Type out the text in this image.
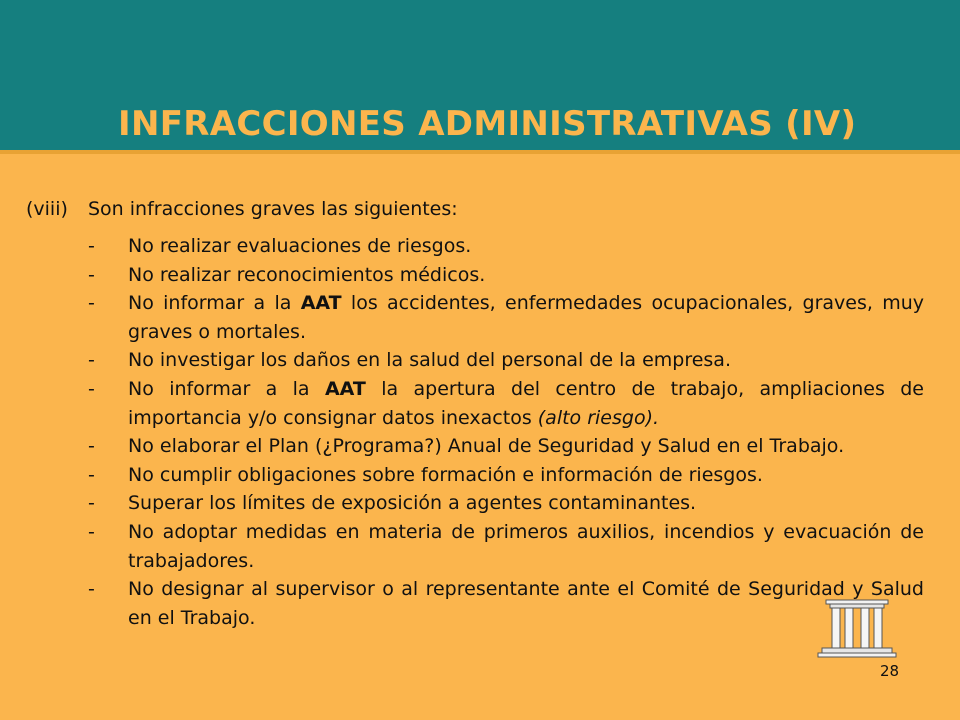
INFRACCIONES ADMINISTRATIVAS (IV)
(viii)	Son infracciones graves las siguientes:
-	No realizar evaluaciones de riesgos.
-	No realizar reconocimientos médicos.
-	No informar a la AAT los accidentes, enfermedades ocupacionales, graves, muy graves o mortales.
-	No investigar los daños en la salud del personal de la empresa.
-	No informar a la AAT la apertura del centro de trabajo, ampliaciones de importancia y/o consignar datos inexactos (alto riesgo).
-	No elaborar el Plan (¿Programa?) Anual de Seguridad y Salud en el Trabajo.
-	No cumplir obligaciones sobre formación e información de riesgos.
-	Superar los límites de exposición a agentes contaminantes.
-	No adoptar medidas en materia de primeros auxilios, incendios y evacuación de trabajadores.
-	No designar al supervisor o al representante ante el Comité de Seguridad y Salud en el Trabajo.
28
